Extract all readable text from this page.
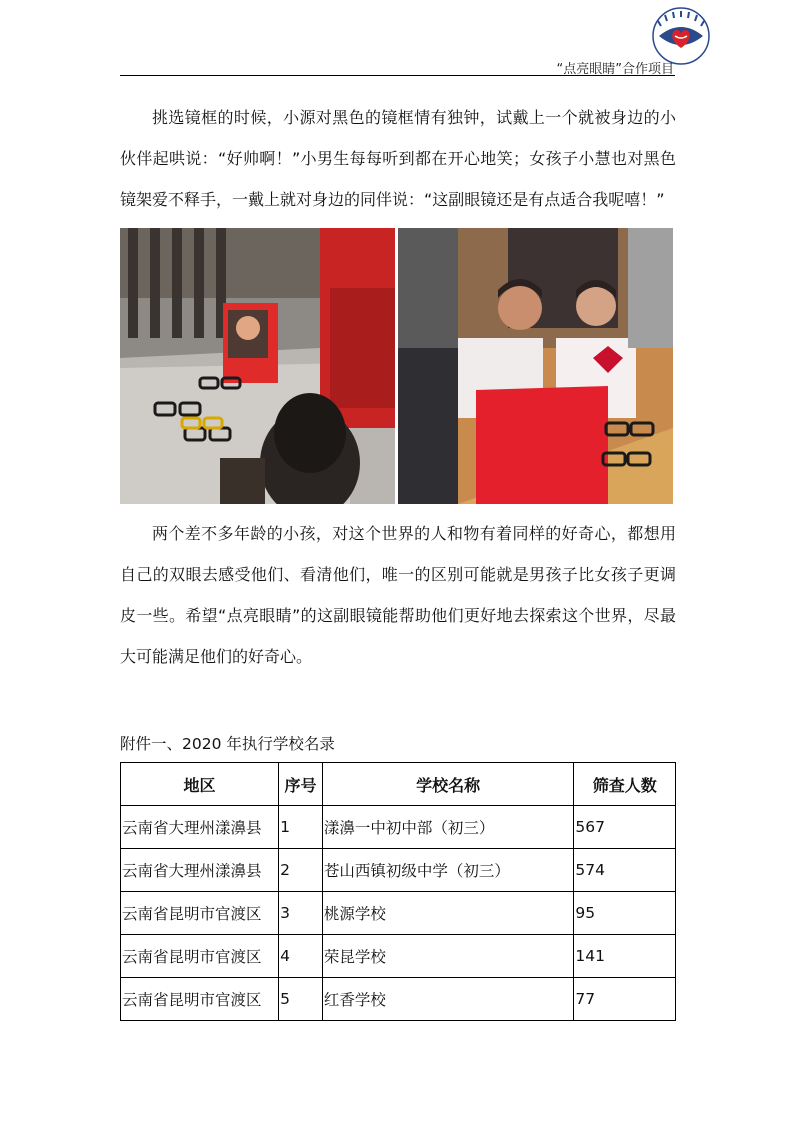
“点亮眼睛”合作项目
挑选镜框的时候，小源对黑色的镜框情有独钟，试戴上一个就被身边的小伙伴起哄说：“好帅啊！”小男生每每听到都在开心地笑；女孩子小慧也对黑色镜架爱不释手，一戴上就对身边的同伴说：“这副眼镜还是有点适合我呢嘻！”
两个差不多年龄的小孩，对这个世界的人和物有着同样的好奇心，都想用自己的双眼去感受他们、看清他们，唯一的区别可能就是男孩子比女孩子更调皮一些。希望“点亮眼睛”的这副眼镜能帮助他们更好地去探索这个世界，尽最大可能满足他们的好奇心。
附件一、2020 年执行学校名录
地区	序号	学校名称	筛查人数
云南省大理州漾濞县	1	漾濞一中初中部（初三）	567
云南省大理州漾濞县	2	苍山西镇初级中学（初三）	574
云南省昆明市官渡区	3	桃源学校	95
云南省昆明市官渡区	4	荣昆学校	141
云南省昆明市官渡区	5	红香学校	77
